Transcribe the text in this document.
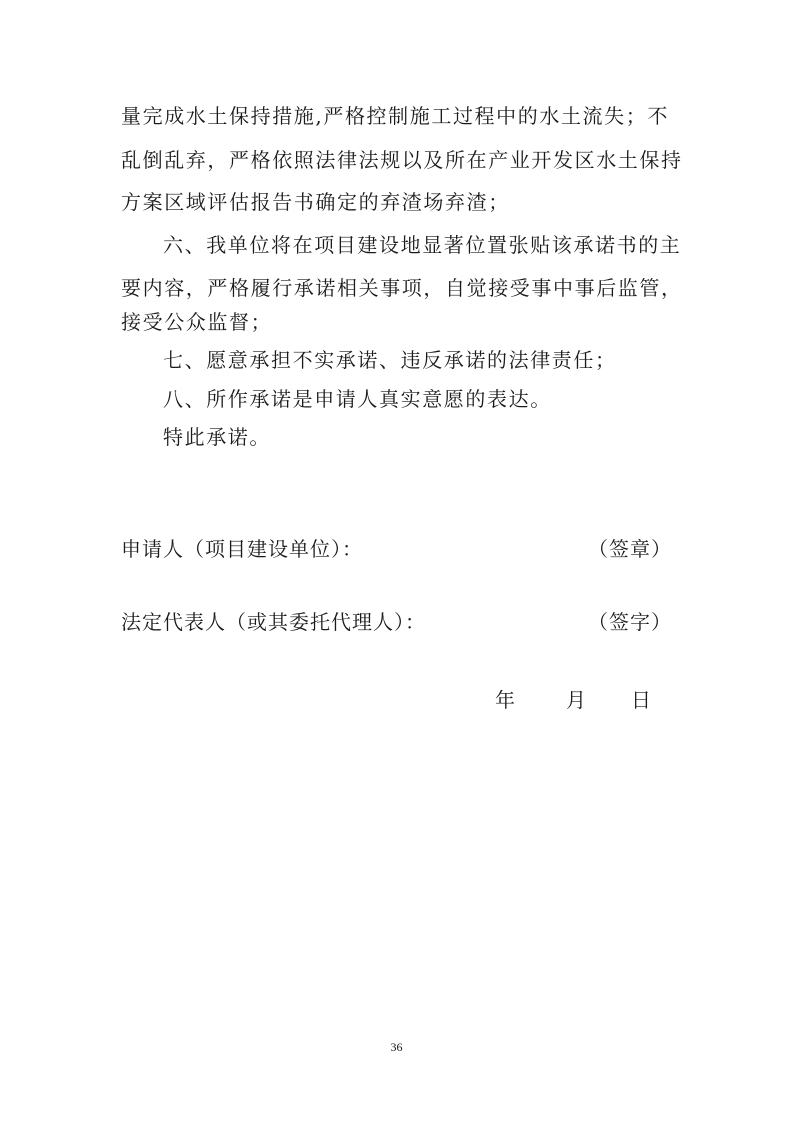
量完成水土保持措施,严格控制施工过程中的水土流失；不
乱倒乱弃，严格依照法律法规以及所在产业开发区水土保持
方案区域评估报告书确定的弃渣场弃渣；
六、我单位将在项目建设地显著位置张贴该承诺书的主
要内容，严格履行承诺相关事项，自觉接受事中事后监管，
接受公众监督；
七、愿意承担不实承诺、违反承诺的法律责任；
八、所作承诺是申请人真实意愿的表达。
特此承诺。
申请人（项目建设单位）：	（签章）
法定代表人（或其委托代理人）：	（签字）
年	月 日
36
